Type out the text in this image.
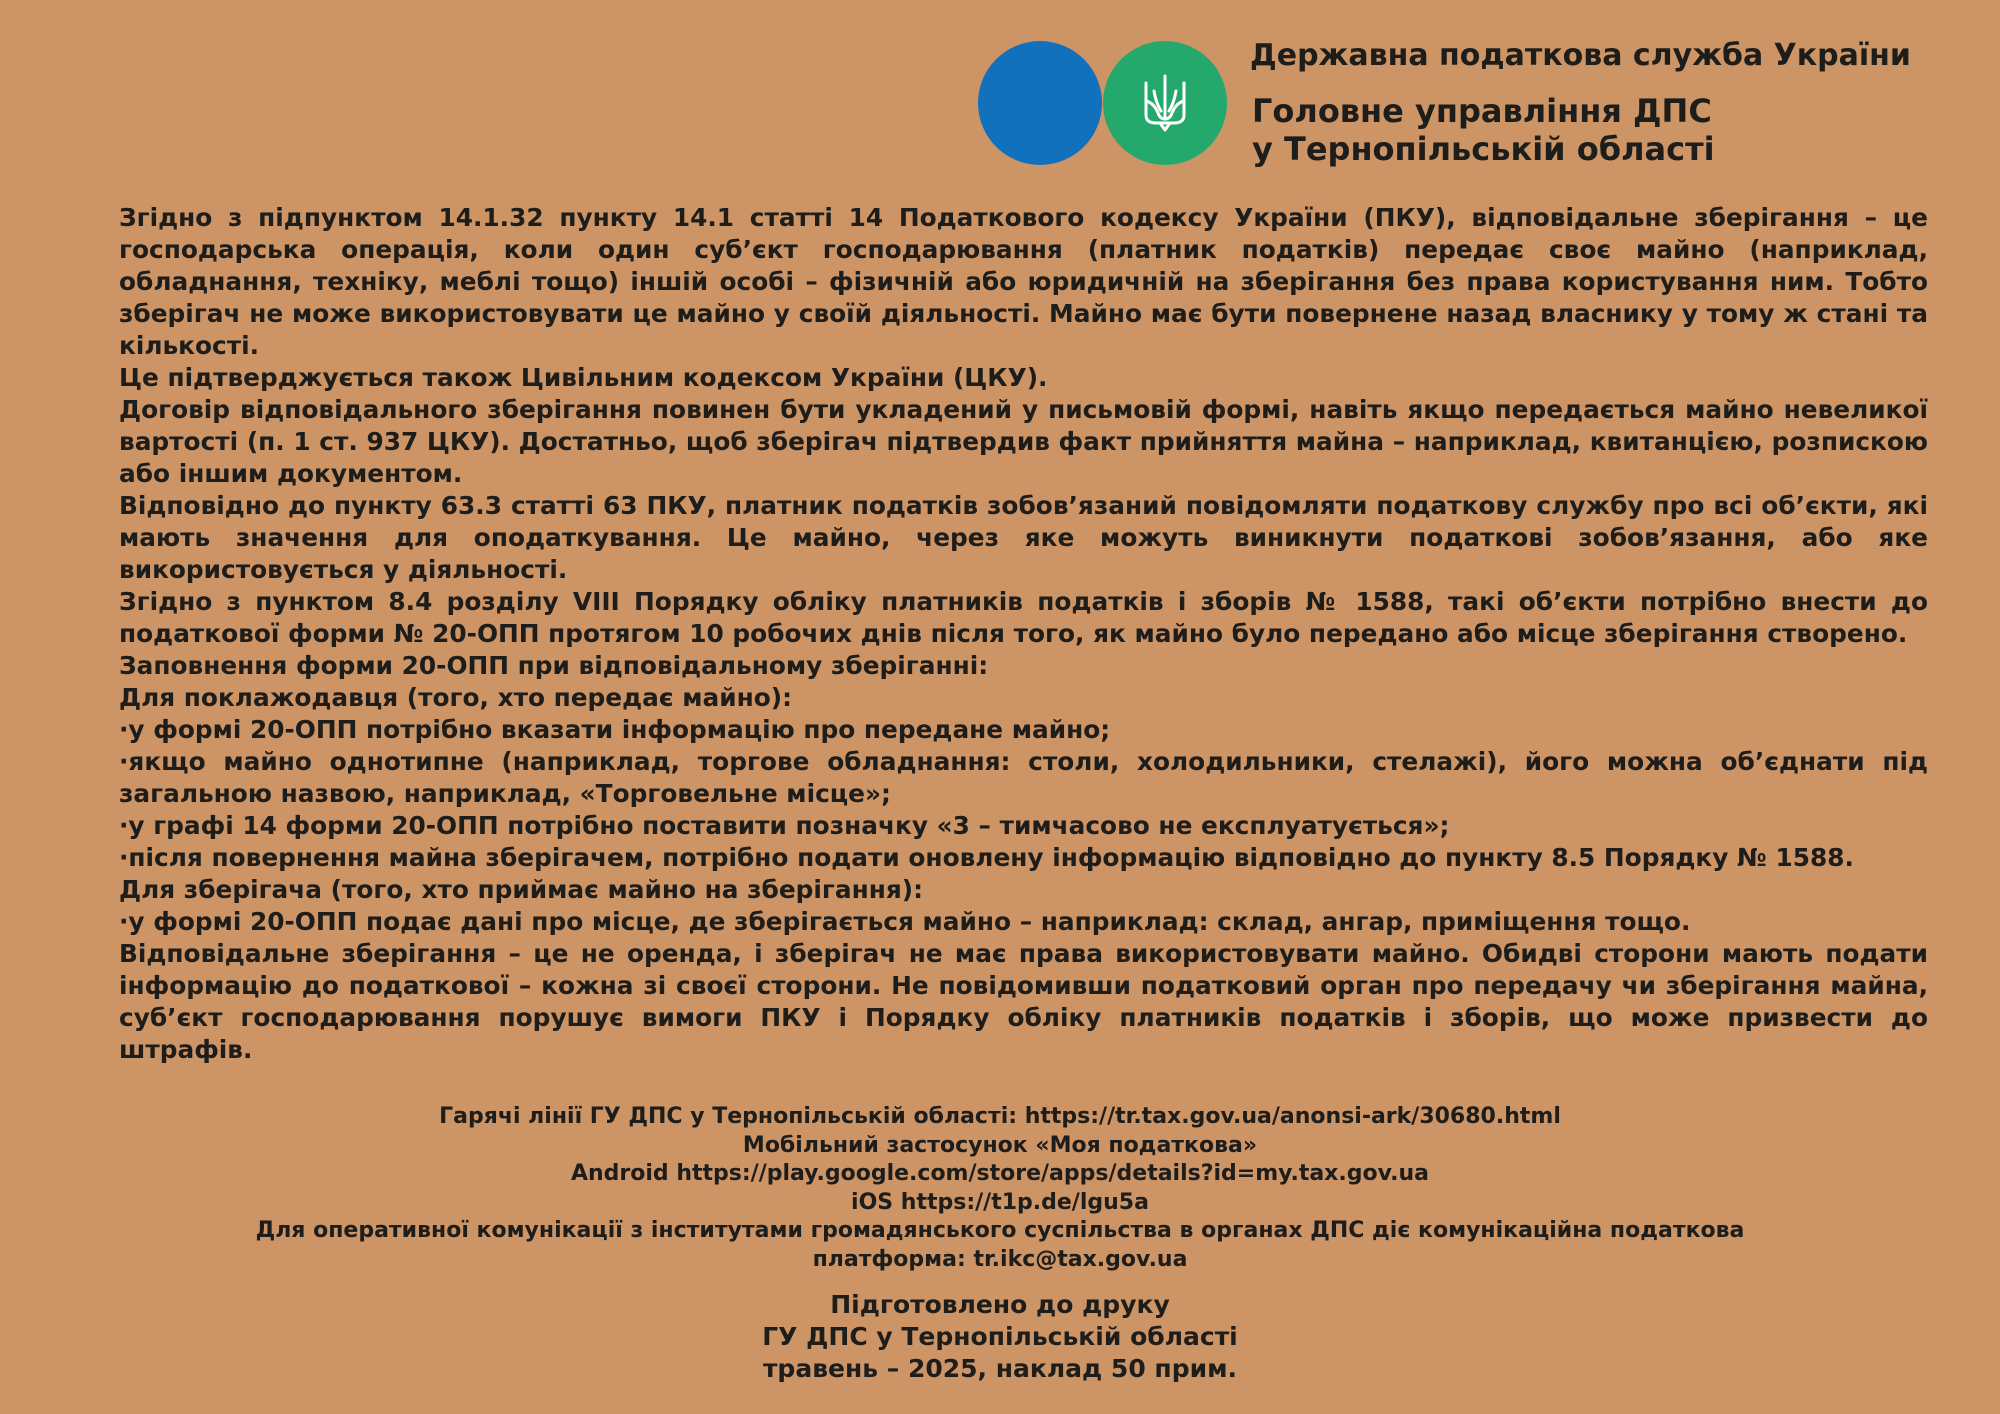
Державна податкова служба України
Головне управління ДПС
у Тернопільській області

Згідно з підпунктом 14.1.32 пункту 14.1 статті 14 Податкового кодексу України (ПКУ), відповідальне зберігання – це господарська операція, коли один суб’єкт господарювання (платник податків) передає своє майно (наприклад, обладнання, техніку, меблі тощо) іншій особі – фізичній або юридичній на зберігання без права користування ним. Тобто зберігач не може використовувати це майно у своїй діяльності. Майно має бути повернене назад власнику у тому ж стані та кількості.

Це підтверджується також Цивільним кодексом України (ЦКУ).

Договір відповідального зберігання повинен бути укладений у письмовій формі, навіть якщо передається майно невеликої вартості (п. 1 ст. 937 ЦКУ). Достатньо, щоб зберігач підтвердив факт прийняття майна – наприклад, квитанцією, розпискою або іншим документом.

Відповідно до пункту 63.3 статті 63 ПКУ, платник податків зобов’язаний повідомляти податкову службу про всі об’єкти, які мають значення для оподаткування. Це майно, через яке можуть виникнути податкові зобов’язання, або яке використовується у діяльності.

Згідно з пунктом 8.4 розділу VIII Порядку обліку платників податків і зборів № 1588, такі об’єкти потрібно внести до податкової форми № 20-ОПП протягом 10 робочих днів після того, як майно було передано або місце зберігання створено.

Заповнення форми 20-ОПП при відповідальному зберіганні:

Для поклажодавця (того, хто передає майно):

·у формі 20-ОПП потрібно вказати інформацію про передане майно;

·якщо майно однотипне (наприклад, торгове обладнання: столи, холодильники, стелажі), його можна об’єднати під загальною назвою, наприклад, «Торговельне місце»;

·у графі 14 форми 20-ОПП потрібно поставити позначку «3 – тимчасово не експлуатується»;

·після повернення майна зберігачем, потрібно подати оновлену інформацію відповідно до пункту 8.5 Порядку № 1588.

Для зберігача (того, хто приймає майно на зберігання):

·у формі 20-ОПП подає дані про місце, де зберігається майно – наприклад: склад, ангар, приміщення тощо.

Відповідальне зберігання – це не оренда, і зберігач не має права використовувати майно. Обидві сторони мають подати інформацію до податкової – кожна зі своєї сторони. Не повідомивши податковий орган про передачу чи зберігання майна, суб’єкт господарювання порушує вимоги ПКУ і Порядку обліку платників податків і зборів, що може призвести до штрафів.

Гарячі лінії ГУ ДПС у Тернопільській області: https://tr.tax.gov.ua/anonsi-ark/30680.html

Мобільний застосунок «Моя податкова»

Android https://play.google.com/store/apps/details?id=my.tax.gov.ua

iOS https://t1p.de/lgu5a

Для оперативної комунікації з інститутами громадянського суспільства в органах ДПС діє комунікаційна податкова

платформа: tr.ikc@tax.gov.ua

Підготовлено до друку

ГУ ДПС у Тернопільській області

травень – 2025, наклад 50 прим.
